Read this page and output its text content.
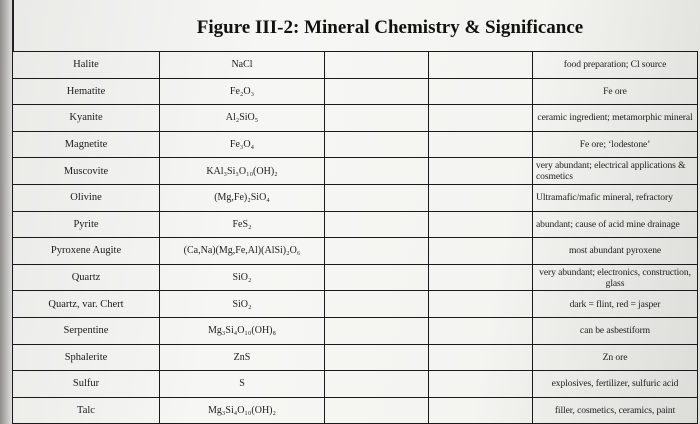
Figure III-2: Mineral Chemistry & Significance
Halite	NaCl			food preparation; Cl source
Hematite	Fe₂O₃			Fe ore
Kyanite	Al₂SiO₅			ceramic ingredient; metamorphic mineral
Magnetite	Fe₃O₄			Fe ore; ‘lodestone’
Muscovite	KAl₃Si₃O₁₀(OH)₂			very abundant; electrical applications & cosmetics
Olivine	(Mg,Fe)₂SiO₄			Ultramafic/mafic mineral, refractory
Pyrite	FeS₂			abundant; cause of acid mine drainage
Pyroxene Augite	(Ca,Na)(Mg,Fe,Al)(AlSi)₂O₆			most abundant pyroxene
Quartz	SiO₂			very abundant; electronics, construction, glass
Quartz, var. Chert	SiO₂			dark = flint, red = jasper
Serpentine	Mg₃Si₄O₁₀(OH)₈			can be asbestiform
Sphalerite	ZnS			Zn ore
Sulfur	S			explosives, fertilizer, sulfuric acid
Talc	Mg₃Si₄O₁₀(OH)₂			filler, cosmetics, ceramics, paint
